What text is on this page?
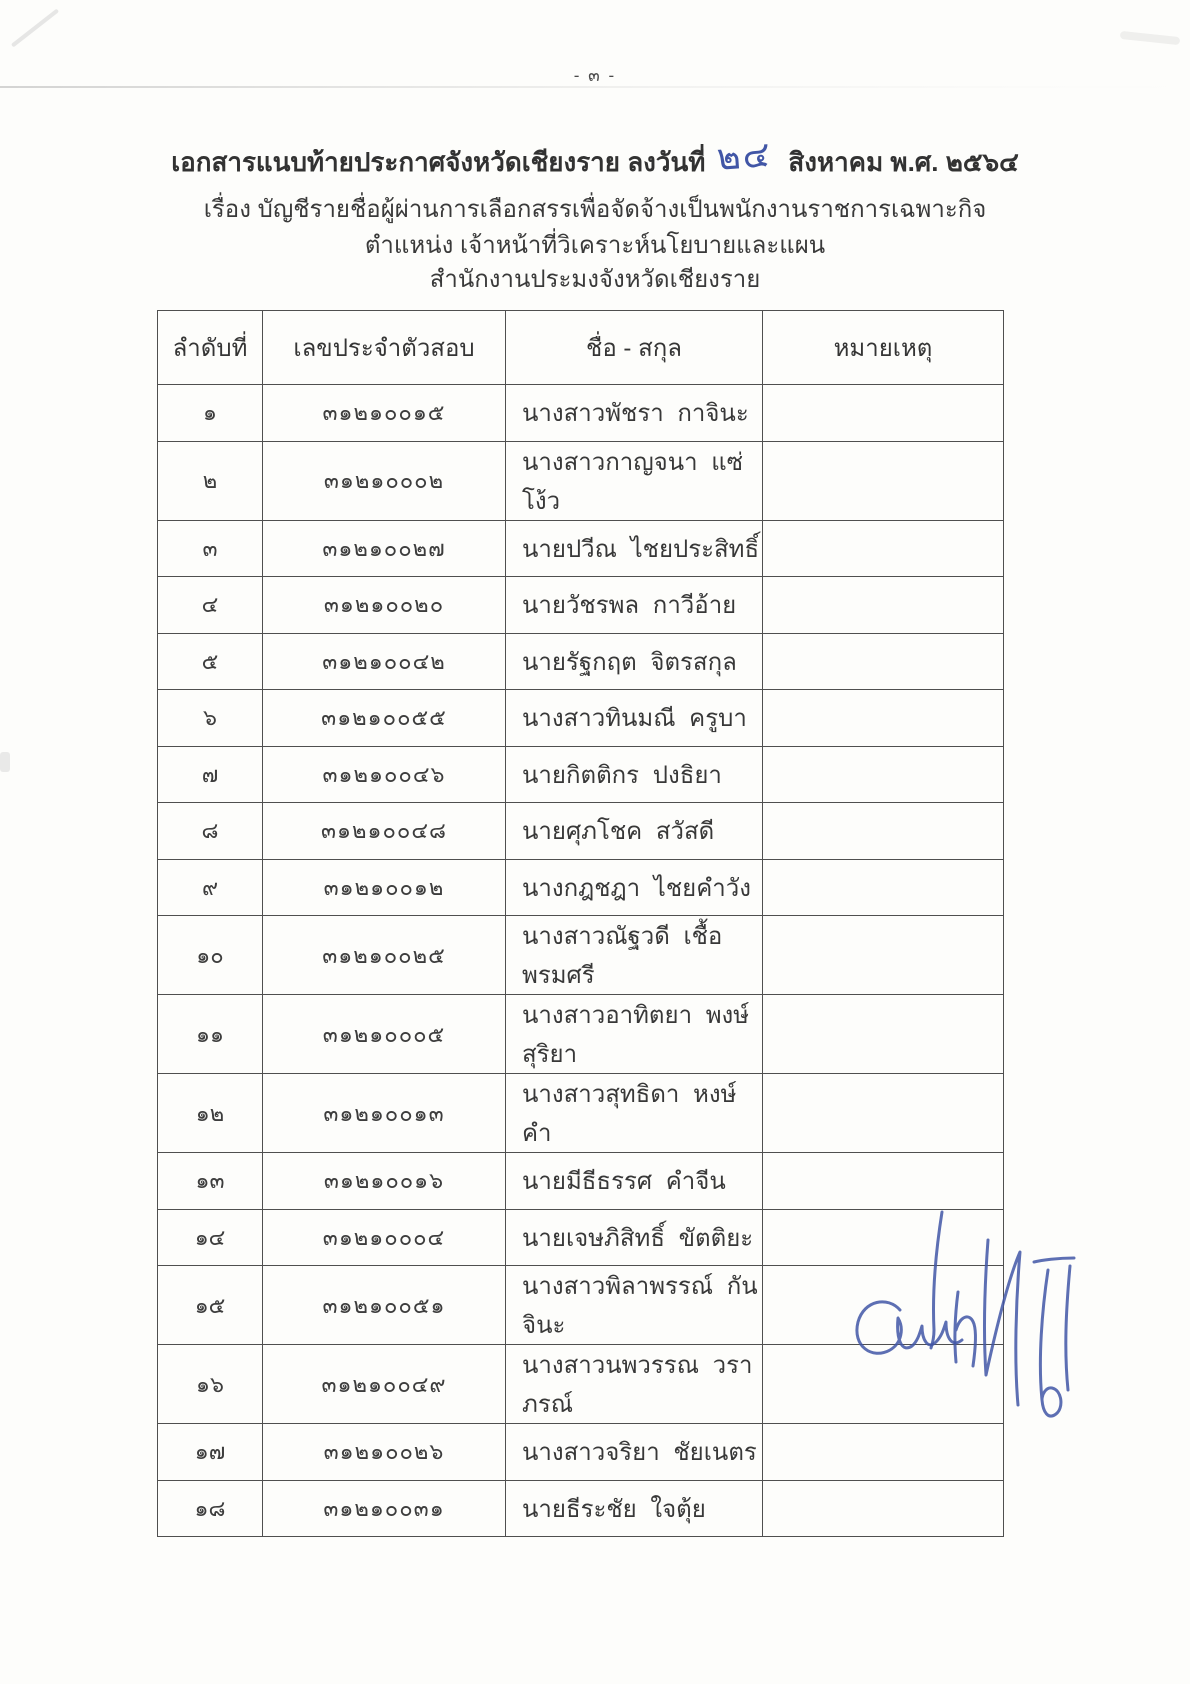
- ๓ -
เอกสารแนบท้ายประกาศจังหวัดเชียงราย ลงวันที่ ๒๔ สิงหาคม พ.ศ. ๒๕๖๔
เรื่อง บัญชีรายชื่อผู้ผ่านการเลือกสรรเพื่อจัดจ้างเป็นพนักงานราชการเฉพาะกิจ
ตำแหน่ง เจ้าหน้าที่วิเคราะห์นโยบายและแผน
สำนักงานประมงจังหวัดเชียงราย
ลำดับที่	เลขประจำตัวสอบ	ชื่อ - สกุล	หมายเหตุ
๑	๓๑๒๑๐๐๑๕	นางสาวพัชรา กาจินะ	
๒	๓๑๒๑๐๐๐๒	นางสาวกาญจนา แซ่โง้ว	
๓	๓๑๒๑๐๐๒๗	นายปวีณ ไชยประสิทธิ์	
๔	๓๑๒๑๐๐๒๐	นายวัชรพล กาวีอ้าย	
๕	๓๑๒๑๐๐๔๒	นายรัฐกฤต จิตรสกุล	
๖	๓๑๒๑๐๐๕๕	นางสาวทินมณี ครูบา	
๗	๓๑๒๑๐๐๔๖	นายกิตติกร ปงธิยา	
๘	๓๑๒๑๐๐๔๘	นายศุภโชค สวัสดี	
๙	๓๑๒๑๐๐๑๒	นางกฎชฎา ไชยคำวัง	
๑๐	๓๑๒๑๐๐๒๕	นางสาวณัฐวดี เชื้อพรมศรี	
๑๑	๓๑๒๑๐๐๐๕	นางสาวอาทิตยา พงษ์สุริยา	
๑๒	๓๑๒๑๐๐๑๓	นางสาวสุทธิดา หงษ์คำ	
๑๓	๓๑๒๑๐๐๑๖	นายมีธีธรรศ คำจีน	
๑๔	๓๑๒๑๐๐๐๔	นายเจษภิสิทธิ์ ขัตติยะ	
๑๕	๓๑๒๑๐๐๕๑	นางสาวพิลาพรรณ์ กันจินะ	
๑๖	๓๑๒๑๐๐๔๙	นางสาวนพวรรณ วราภรณ์	
๑๗	๓๑๒๑๐๐๒๖	นางสาวจริยา ชัยเนตร	
๑๘	๓๑๒๑๐๐๓๑	นายธีระชัย ใจตุ้ย	
